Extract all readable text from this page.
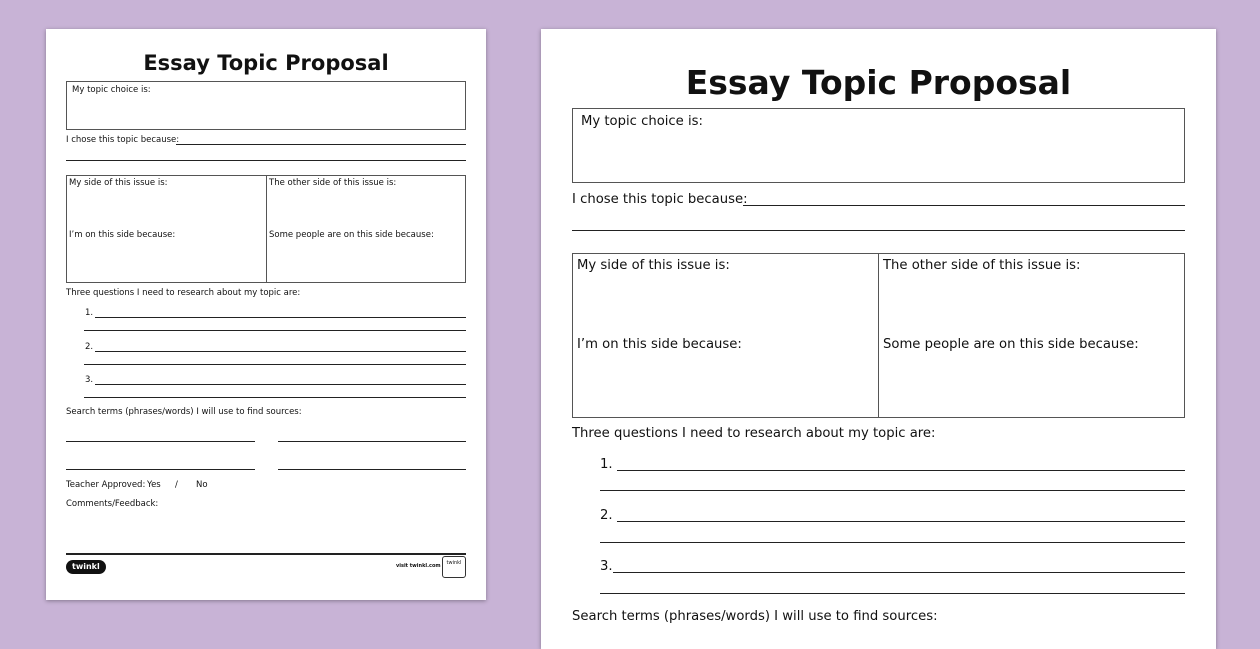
Essay Topic Proposal
My topic choice is:
I chose this topic because:
My side of this issue is:	The other side of this issue is:
I’m on this side because:	Some people are on this side because:
Three questions I need to research about my topic are:
1.
2.
3.
Search terms (phrases/words) I will use to find sources:
Teacher Approved: Yes / No
Comments/Feedback:
twinkl	visit twinkl.com	twinkl
Essay Topic Proposal
My topic choice is:
I chose this topic because:
My side of this issue is:	The other side of this issue is:
I’m on this side because:	Some people are on this side because:
Three questions I need to research about my topic are:
1.
2.
3.
Search terms (phrases/words) I will use to find sources:
